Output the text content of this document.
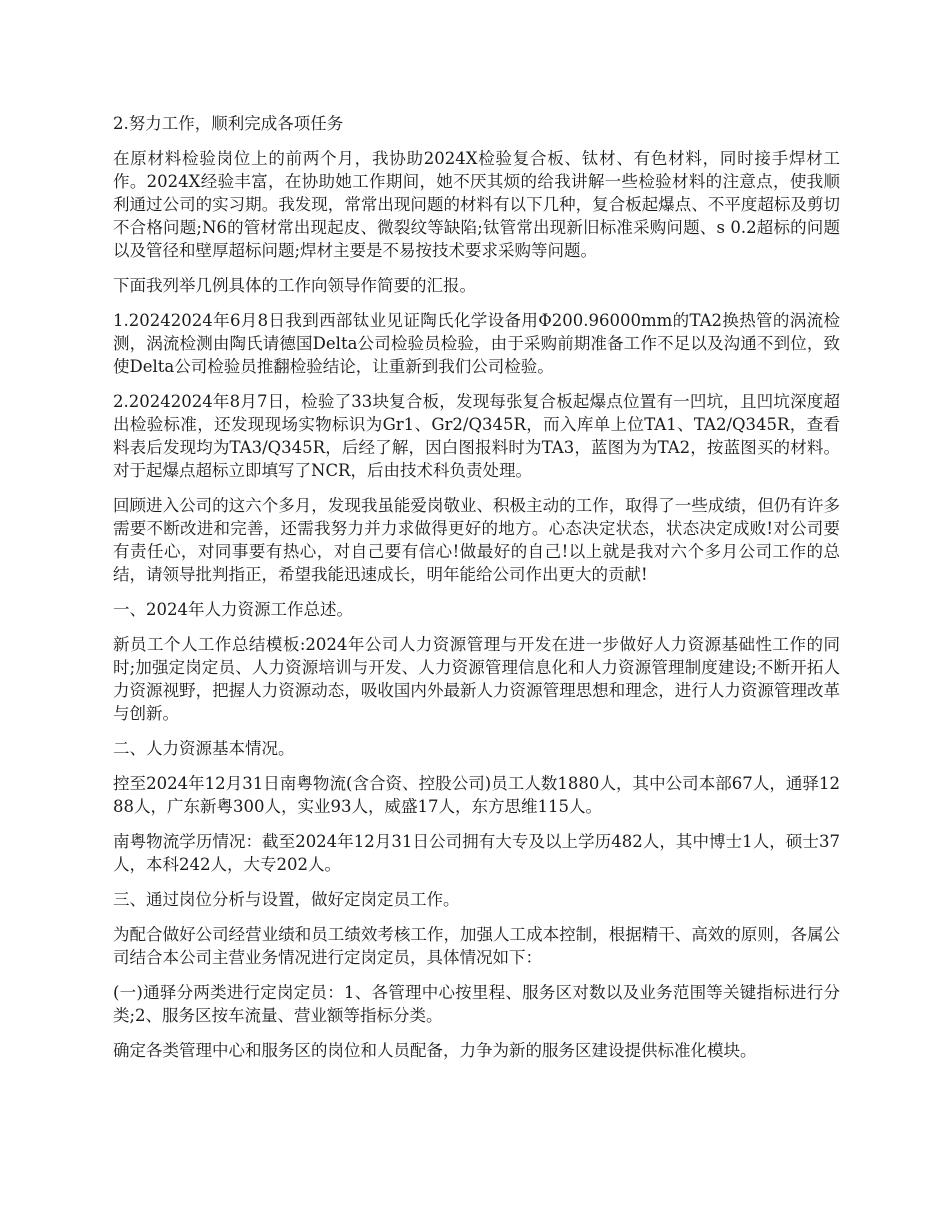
2.努力工作，顺利完成各项任务

在原材料检验岗位上的前两个月，我协助2024X检验复合板、钛材、有色材料，同时接手焊材工作。2024X经验丰富，在协助她工作期间，她不厌其烦的给我讲解一些检验材料的注意点，使我顺利通过公司的实习期。我发现，常常出现问题的材料有以下几种，复合板起爆点、不平度超标及剪切不合格问题;N6的管材常出现起皮、微裂纹等缺陷;钛管常出现新旧标准采购问题、s 0.2超标的问题以及管径和壁厚超标问题;焊材主要是不易按技术要求采购等问题。

下面我列举几例具体的工作向领导作简要的汇报。

1.20242024年6月8日我到西部钛业见证陶氏化学设备用Φ200.96000mm的TA2换热管的涡流检测，涡流检测由陶氏请德国Delta公司检验员检验，由于采购前期准备工作不足以及沟通不到位，致使Delta公司检验员推翻检验结论，让重新到我们公司检验。

2.20242024年8月7日，检验了33块复合板，发现每张复合板起爆点位置有一凹坑，且凹坑深度超出检验标准，还发现现场实物标识为Gr1、Gr2/Q345R，而入库单上位TA1、TA2/Q345R，查看料表后发现均为TA3/Q345R，后经了解，因白图报料时为TA3，蓝图为为TA2，按蓝图买的材料。对于起爆点超标立即填写了NCR，后由技术科负责处理。

回顾进入公司的这六个多月，发现我虽能爱岗敬业、积极主动的工作，取得了一些成绩，但仍有许多需要不断改进和完善，还需我努力并力求做得更好的地方。心态决定状态，状态决定成败!对公司要有责任心，对同事要有热心，对自己要有信心!做最好的自己!以上就是我对六个多月公司工作的总结，请领导批判指正，希望我能迅速成长，明年能给公司作出更大的贡献!

一、2024年人力资源工作总述。

新员工个人工作总结模板:2024年公司人力资源管理与开发在进一步做好人力资源基础性工作的同时;加强定岗定员、人力资源培训与开发、人力资源管理信息化和人力资源管理制度建设;不断开拓人力资源视野，把握人力资源动态，吸收国内外最新人力资源管理思想和理念，进行人力资源管理改革与创新。

二、人力资源基本情况。

控至2024年12月31日南粤物流(含合资、控股公司)员工人数1880人，其中公司本部67人，通驿1288人，广东新粤300人，实业93人，威盛17人，东方思维115人。

南粤物流学历情况：截至2024年12月31日公司拥有大专及以上学历482人，其中博士1人，硕士37人，本科242人，大专202人。

三、通过岗位分析与设置，做好定岗定员工作。

为配合做好公司经营业绩和员工绩效考核工作，加强人工成本控制，根据精干、高效的原则，各属公司结合本公司主营业务情况进行定岗定员，具体情况如下：

(一)通驿分两类进行定岗定员：1、各管理中心按里程、服务区对数以及业务范围等关键指标进行分类;2、服务区按车流量、营业额等指标分类。

确定各类管理中心和服务区的岗位和人员配备，力争为新的服务区建设提供标准化模块。
